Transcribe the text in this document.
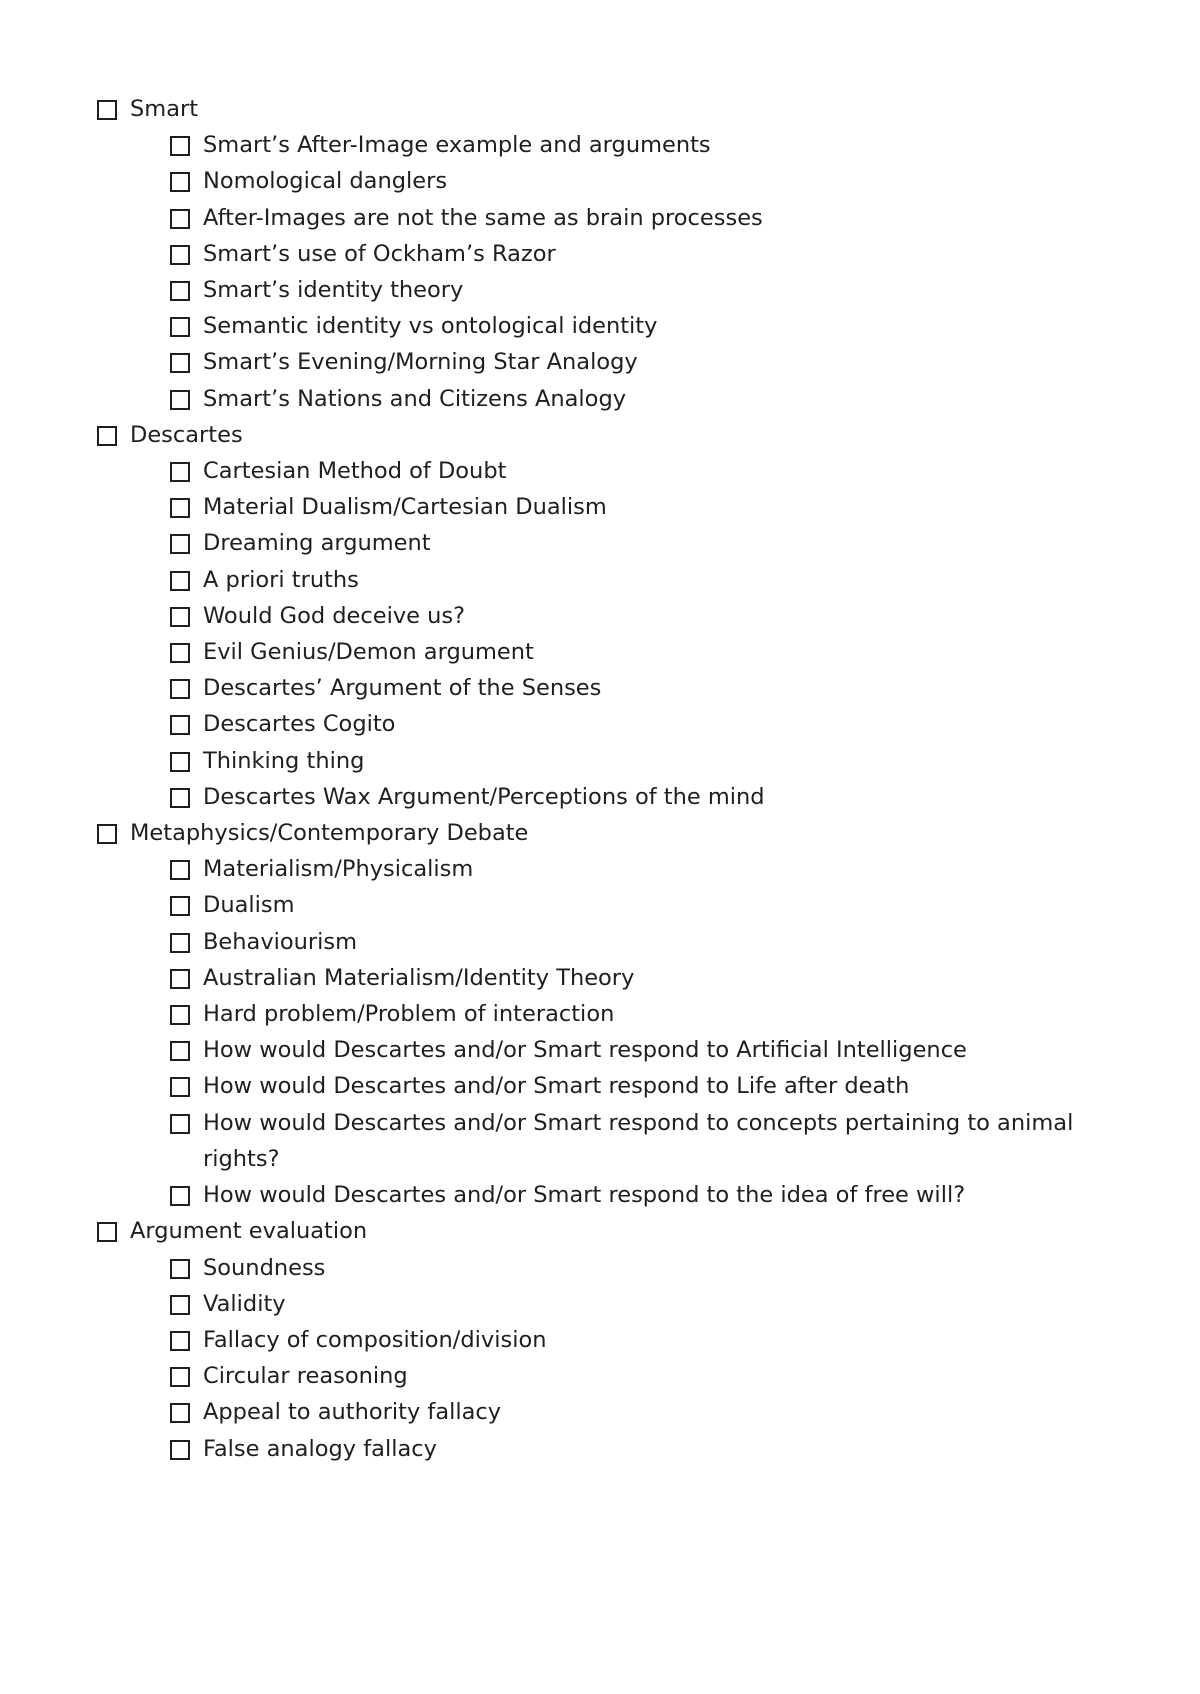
Smart
Smart’s After-Image example and arguments
Nomological danglers
After-Images are not the same as brain processes
Smart’s use of Ockham’s Razor
Smart’s identity theory
Semantic identity vs ontological identity
Smart’s Evening/Morning Star Analogy
Smart’s Nations and Citizens Analogy
Descartes
Cartesian Method of Doubt
Material Dualism/Cartesian Dualism
Dreaming argument
A priori truths
Would God deceive us?
Evil Genius/Demon argument
Descartes’ Argument of the Senses
Descartes Cogito
Thinking thing
Descartes Wax Argument/Perceptions of the mind
Metaphysics/Contemporary Debate
Materialism/Physicalism
Dualism
Behaviourism
Australian Materialism/Identity Theory
Hard problem/Problem of interaction
How would Descartes and/or Smart respond to Artificial Intelligence
How would Descartes and/or Smart respond to Life after death
How would Descartes and/or Smart respond to concepts pertaining to animal rights?
How would Descartes and/or Smart respond to the idea of free will?
Argument evaluation
Soundness
Validity
Fallacy of composition/division
Circular reasoning
Appeal to authority fallacy
False analogy fallacy
